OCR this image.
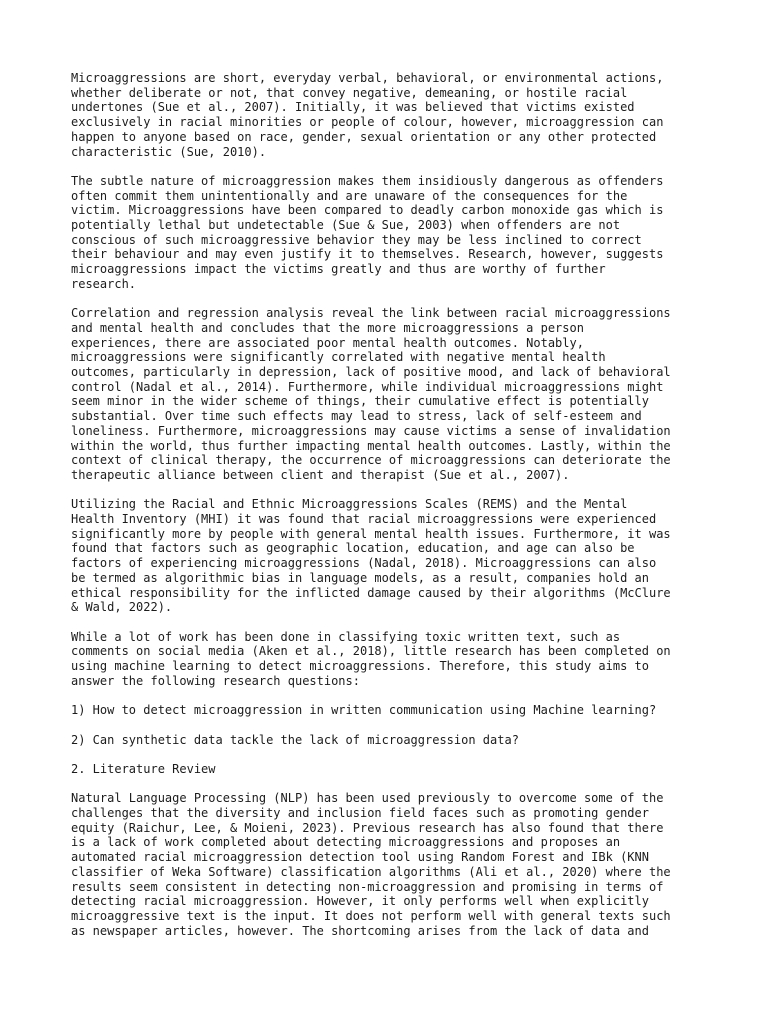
Microaggressions are short, everyday verbal, behavioral, or environmental actions,
whether deliberate or not, that convey negative, demeaning, or hostile racial
undertones (Sue et al., 2007). Initially, it was believed that victims existed
exclusively in racial minorities or people of colour, however, microaggression can
happen to anyone based on race, gender, sexual orientation or any other protected
characteristic (Sue, 2010).

The subtle nature of microaggression makes them insidiously dangerous as offenders
often commit them unintentionally and are unaware of the consequences for the
victim. Microaggressions have been compared to deadly carbon monoxide gas which is
potentially lethal but undetectable (Sue & Sue, 2003) when offenders are not
conscious of such microaggressive behavior they may be less inclined to correct
their behaviour and may even justify it to themselves. Research, however, suggests
microaggressions impact the victims greatly and thus are worthy of further
research.

Correlation and regression analysis reveal the link between racial microaggressions
and mental health and concludes that the more microaggressions a person
experiences, there are associated poor mental health outcomes. Notably,
microaggressions were significantly correlated with negative mental health
outcomes, particularly in depression, lack of positive mood, and lack of behavioral
control (Nadal et al., 2014). Furthermore, while individual microaggressions might
seem minor in the wider scheme of things, their cumulative effect is potentially
substantial. Over time such effects may lead to stress, lack of self-esteem and
loneliness. Furthermore, microaggressions may cause victims a sense of invalidation
within the world, thus further impacting mental health outcomes. Lastly, within the
context of clinical therapy, the occurrence of microaggressions can deteriorate the
therapeutic alliance between client and therapist (Sue et al., 2007).

Utilizing the Racial and Ethnic Microaggressions Scales (REMS) and the Mental
Health Inventory (MHI) it was found that racial microaggressions were experienced
significantly more by people with general mental health issues. Furthermore, it was
found that factors such as geographic location, education, and age can also be
factors of experiencing microaggressions (Nadal, 2018). Microaggressions can also
be termed as algorithmic bias in language models, as a result, companies hold an
ethical responsibility for the inflicted damage caused by their algorithms (McClure
& Wald, 2022).

While a lot of work has been done in classifying toxic written text, such as
comments on social media (Aken et al., 2018), little research has been completed on
using machine learning to detect microaggressions. Therefore, this study aims to
answer the following research questions:

1) How to detect microaggression in written communication using Machine learning?

2) Can synthetic data tackle the lack of microaggression data?

2. Literature Review

Natural Language Processing (NLP) has been used previously to overcome some of the
challenges that the diversity and inclusion field faces such as promoting gender
equity (Raichur, Lee, & Moieni, 2023). Previous research has also found that there
is a lack of work completed about detecting microaggressions and proposes an
automated racial microaggression detection tool using Random Forest and IBk (KNN
classifier of Weka Software) classification algorithms (Ali et al., 2020) where the
results seem consistent in detecting non-microaggression and promising in terms of
detecting racial microaggression. However, it only performs well when explicitly
microaggressive text is the input. It does not perform well with general texts such
as newspaper articles, however. The shortcoming arises from the lack of data and
